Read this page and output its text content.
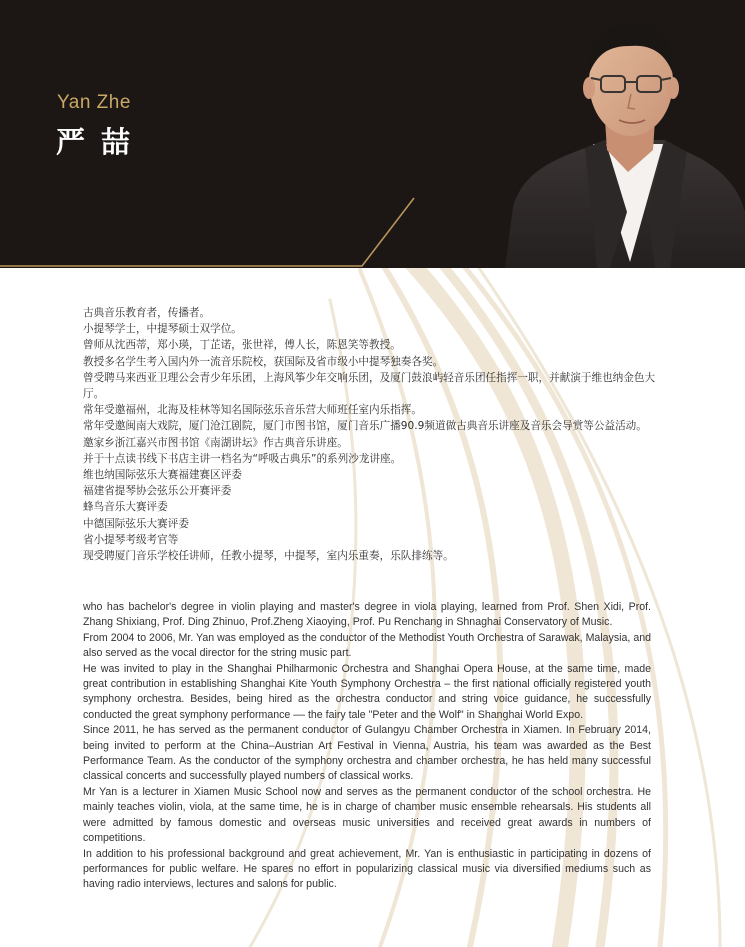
Yan Zhe
严喆

古典音乐教育者，传播者。

小提琴学士，中提琴硕士双学位。

曾师从沈西蒂，郑小瑛，丁芷诺，张世祥，傅人长，陈恩笑等教授。

教授多名学生考入国内外一流音乐院校，获国际及省市级小中提琴独奏各奖。

曾受聘马来西亚卫理公会青少年乐团，上海风筝少年交响乐团，及厦门鼓浪屿轻音乐团任指挥一职，并献演于维也纳金色大厅。

常年受邀福州，北海及桂林等知名国际弦乐音乐营大师班任室内乐指挥。

常年受邀闽南大戏院，厦门沧江剧院，厦门市图书馆，厦门音乐广播90.9频道做古典音乐讲座及音乐会导赏等公益活动。

邀家乡浙江嘉兴市图书馆《南湖讲坛》作古典音乐讲座。

并于十点读书线下书店主讲一档名为“呼吸古典乐”的系列沙龙讲座。

维也纳国际弦乐大赛福建赛区评委

福建省提琴协会弦乐公开赛评委

蜂鸟音乐大赛评委

中德国际弦乐大赛评委

省小提琴考级考官等

现受聘厦门音乐学校任讲师，任教小提琴，中提琴，室内乐重奏，乐队排练等。

who has bachelor's degree in violin playing and master's degree in viola playing, learned from Prof. Shen Xidi, Prof. Zhang Shixiang, Prof. Ding Zhinuo, Prof.Zheng Xiaoying, Prof. Pu Renchang in Shnaghai Conservatory of Music.

From 2004 to 2006, Mr. Yan was employed as the conductor of the Methodist Youth Orchestra of Sarawak, Malaysia, and also served as the vocal director for the string music part.

He was invited to play in the Shanghai Philharmonic Orchestra and Shanghai Opera House, at the same time, made great contribution in establishing Shanghai Kite Youth Symphony Orchestra – the first national officially registered youth symphony orchestra. Besides, being hired as the orchestra conductor and string voice guidance, he successfully conducted the great symphony performance –– the fairy tale "Peter and the Wolf" in Shanghai World Expo.

Since 2011, he has served as the permanent conductor of Gulangyu Chamber Orchestra in Xiamen. In February 2014, being invited to perform at the China–Austrian Art Festival in Vienna, Austria, his team was awarded as the Best Performance Team. As the conductor of the symphony orchestra and chamber orchestra, he has held many successful classical concerts and successfully played numbers of classical works.

Mr Yan is a lecturer in Xiamen Music School now and serves as the permanent conductor of the school orchestra. He mainly teaches violin, viola, at the same time, he is in charge of chamber music ensemble rehearsals. His students all were admitted by famous domestic and overseas music universities and received great awards in numbers of competitions.

In addition to his professional background and great achievement, Mr. Yan is enthusiastic in participating in dozens of performances for public welfare. He spares no effort in popularizing classical music via diversified mediums such as having radio interviews, lectures and salons for public.
